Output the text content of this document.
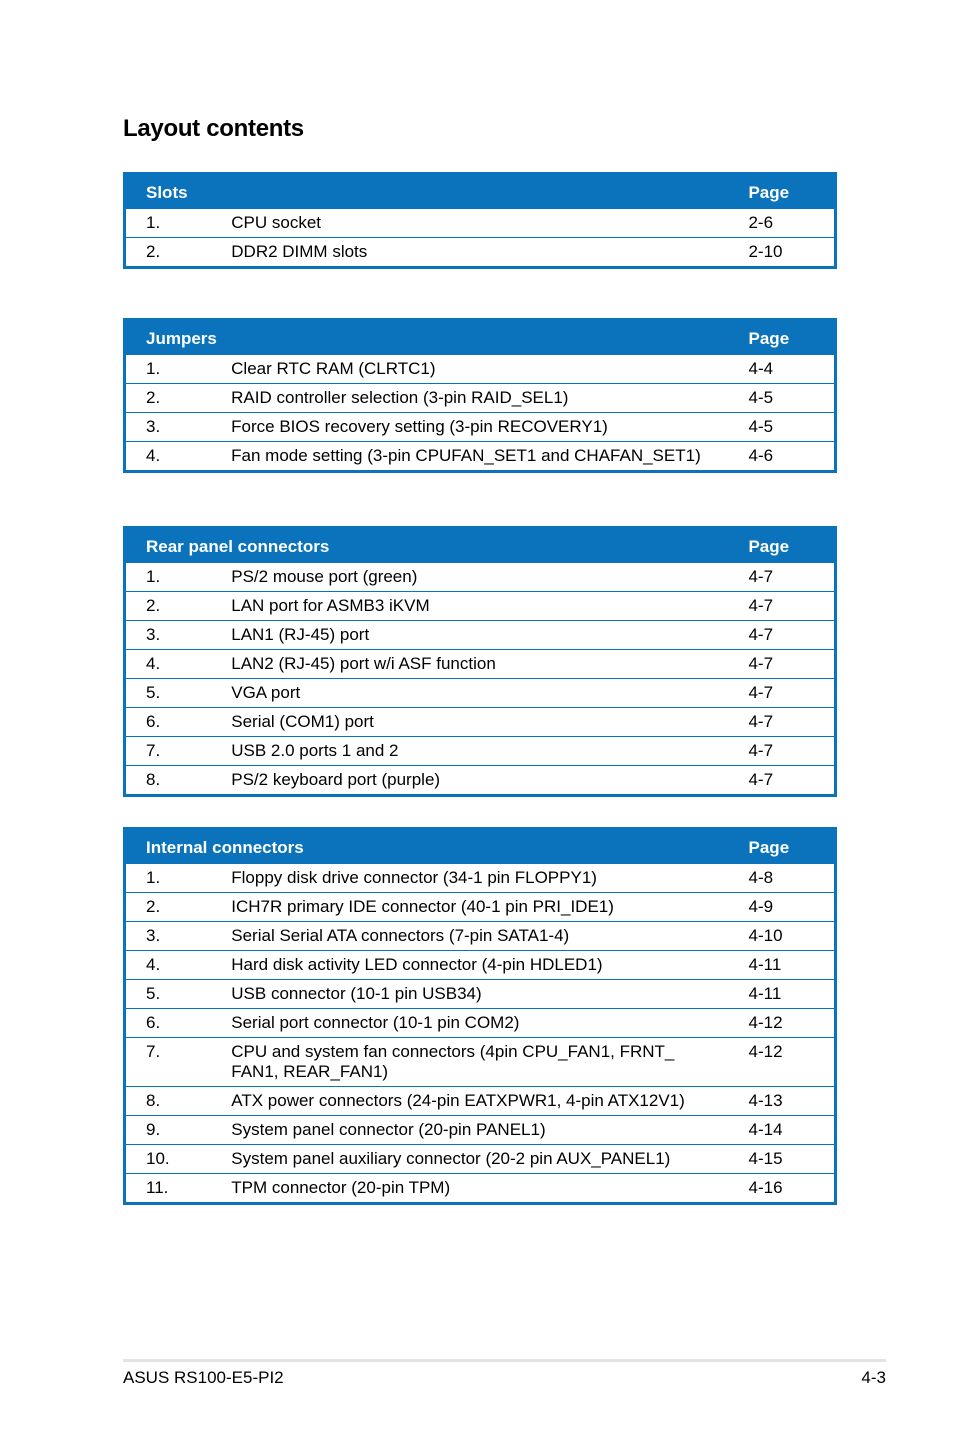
Layout contents
Slots		Page
1.	CPU socket	2-6
2.	DDR2 DIMM slots	2-10
Jumpers		Page
1.	Clear RTC RAM (CLRTC1)	4-4
2.	RAID controller selection (3-pin RAID_SEL1)	4-5
3.	Force BIOS recovery setting (3-pin RECOVERY1)	4-5
4.	Fan mode setting (3-pin CPUFAN_SET1 and CHAFAN_SET1)	4-6
Rear panel connectors		Page
1.	PS/2 mouse port (green)	4-7
2.	LAN port for ASMB3 iKVM	4-7
3.	LAN1 (RJ-45) port	4-7
4.	LAN2 (RJ-45) port w/i ASF function	4-7
5.	VGA port	4-7
6.	Serial (COM1) port	4-7
7.	USB 2.0 ports 1 and 2	4-7
8.	PS/2 keyboard port (purple)	4-7
Internal connectors		Page
1.	Floppy disk drive connector (34-1 pin FLOPPY1)	4-8
2.	ICH7R primary IDE connector (40-1 pin PRI_IDE1)	4-9
3.	Serial Serial ATA connectors (7-pin SATA1-4)	4-10
4.	Hard disk activity LED connector (4-pin HDLED1)	4-11
5.	USB connector (10-1 pin USB34)	4-11
6.	Serial port connector (10-1 pin COM2)	4-12
7.	CPU and system fan connectors (4pin CPU_FAN1, FRNT_
FAN1, REAR_FAN1)	4-12
8.	ATX power connectors (24-pin EATXPWR1, 4-pin ATX12V1)	4-13
9.	System panel connector (20-pin PANEL1)	4-14
10.	System panel auxiliary connector (20-2 pin AUX_PANEL1)	4-15
11.	TPM connector (20-pin TPM)	4-16
ASUS RS100-E5-PI2	4-3
